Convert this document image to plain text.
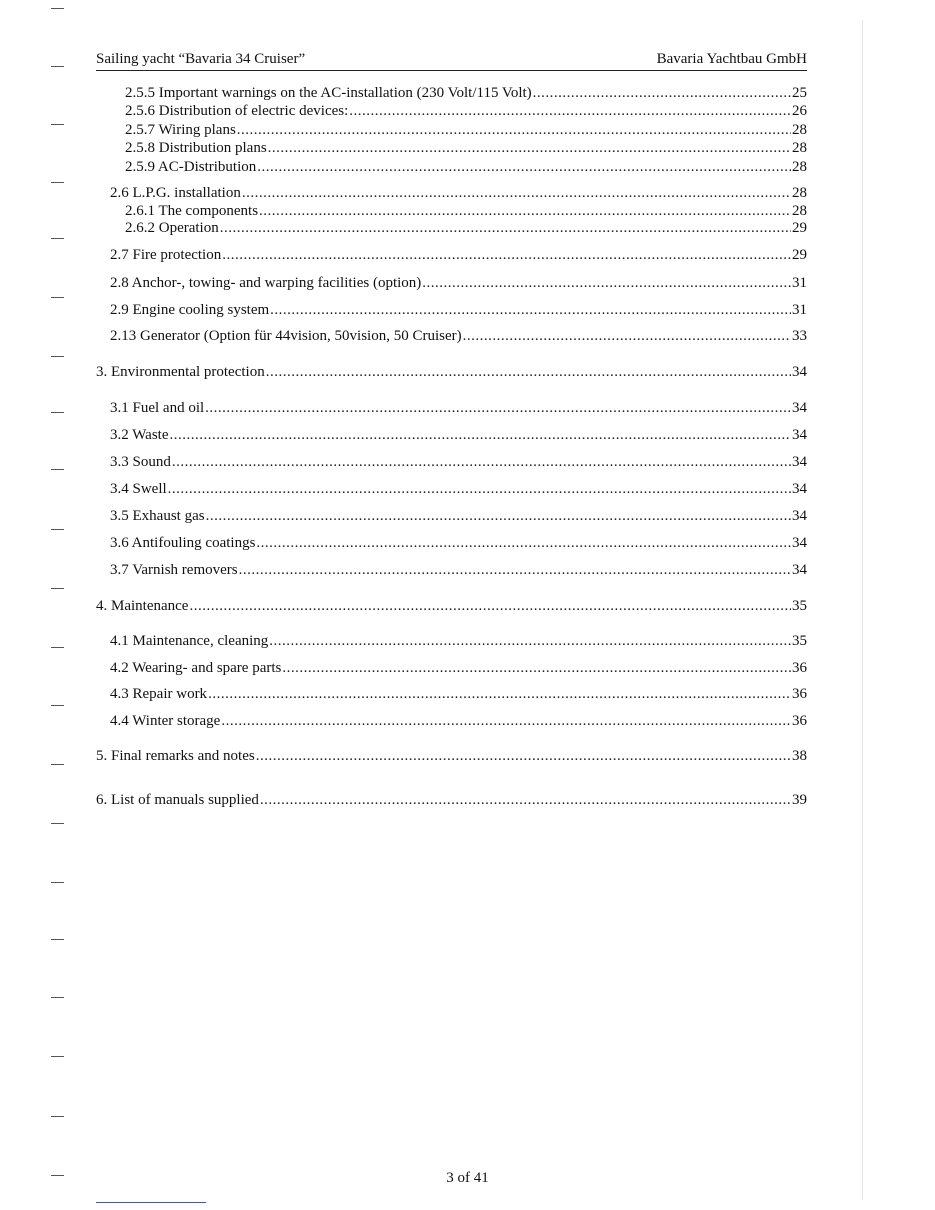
Sailing yacht “Bavaria 34 Cruiser”	Bavaria Yachtbau GmbH
2.5.5 Important warnings on the AC-installation (230 Volt/115 Volt) .....	25
2.5.6 Distribution of electric devices: .....	26
2.5.7 Wiring plans .....	28
2.5.8 Distribution plans .....	28
2.5.9 AC-Distribution .....	28
2.6 L.P.G. installation .....	28
2.6.1 The components .....	28
2.6.2 Operation .....	29
2.7 Fire protection .....	29
2.8 Anchor-, towing- and warping facilities (option) .....	31
2.9 Engine cooling system .....	31
2.13 Generator (Option für 44vision, 50vision, 50 Cruiser) .....	33
3. Environmental protection .....	34
3.1 Fuel and oil .....	34
3.2 Waste .....	34
3.3 Sound .....	34
3.4 Swell .....	34
3.5 Exhaust gas .....	34
3.6 Antifouling coatings .....	34
3.7 Varnish removers .....	34
4. Maintenance .....	35
4.1 Maintenance, cleaning .....	35
4.2 Wearing- and spare parts .....	36
4.3 Repair work .....	36
4.4 Winter storage .....	36
5. Final remarks and notes .....	38
6. List of manuals supplied .....	39
3 of 41
